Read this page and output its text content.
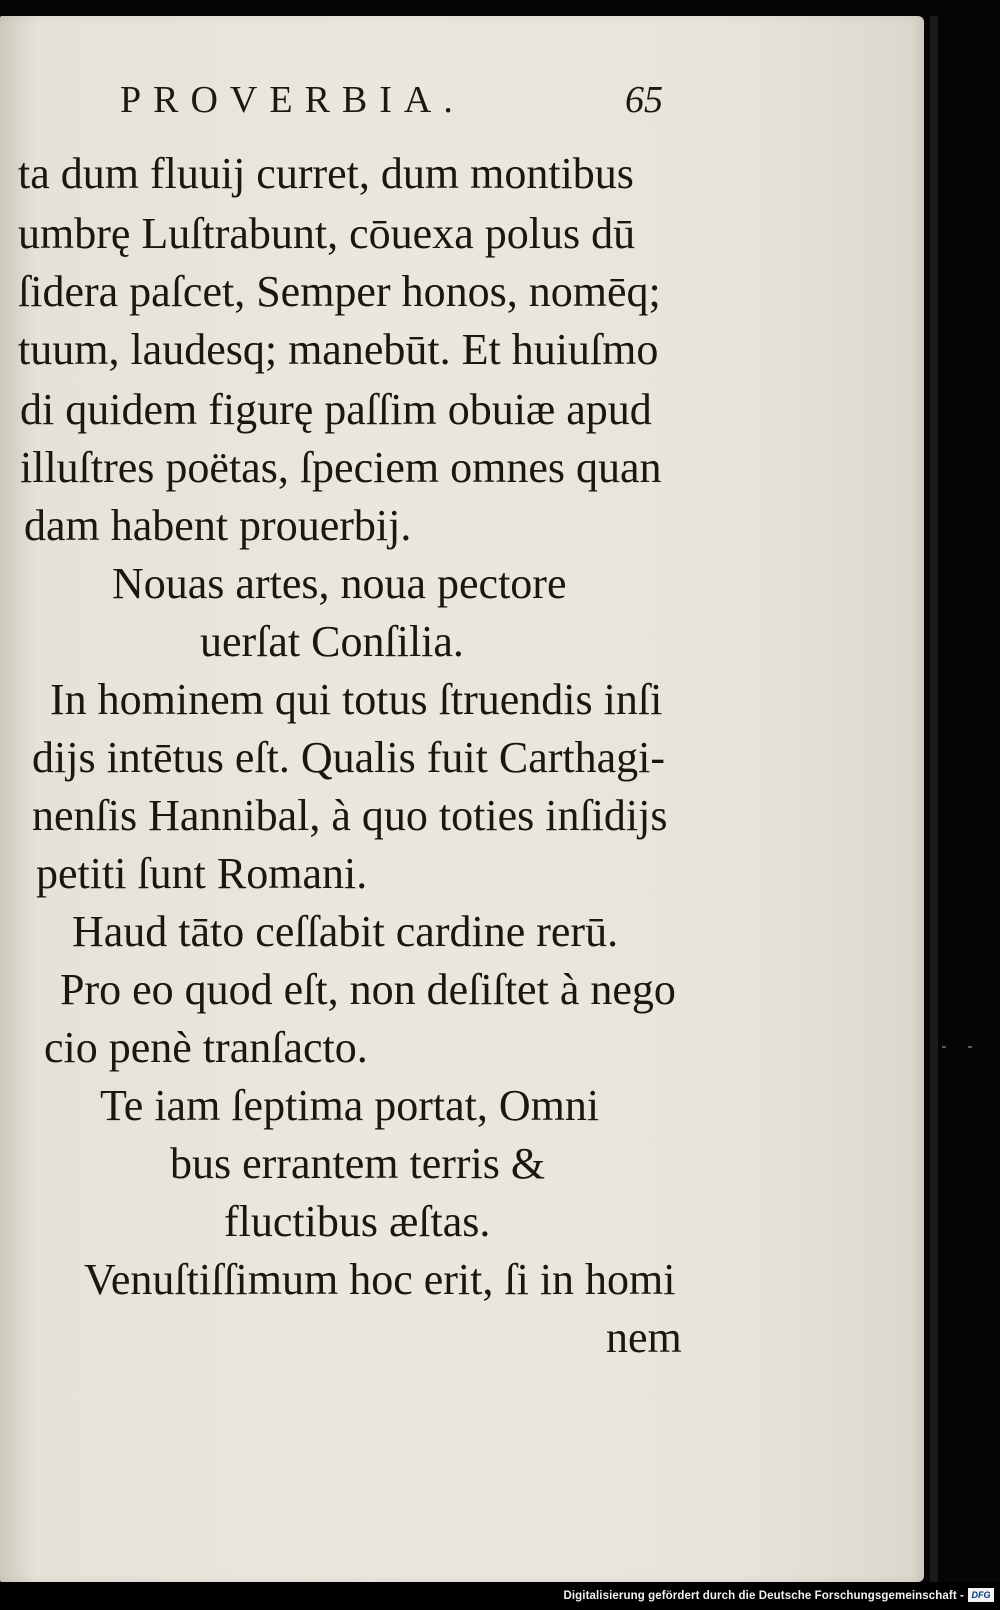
PROVERBIA.	65
ta dum fluuij curret, dum montibus
umbrę Luſtrabunt, cōuexa polus dū
ſidera paſcet, Semper honos, nomēq;
tuum, laudesq; manebūt. Et huiuſmo
di quidem figurę paſſim obuiæ apud
illuſtres poëtas, ſpeciem omnes quan
dam habent prouerbij.
Nouas artes, noua pectore
uerſat Conſilia.
In hominem qui totus ſtruendis inſi
dijs intētus eſt. Qualis fuit Carthagi-
nenſis Hannibal, à quo toties inſidijs
petiti ſunt Romani.
Haud tāto ceſſabit cardine rerū.
Pro eo quod eſt, non deſiſtet à nego
cio penè tranſacto.
Te iam ſeptima portat, Omni
bus errantem terris &
fluctibus æſtas.
Venuſtiſſimum hoc erit, ſi in homi
nem
Digitalisierung gefördert durch die Deutsche Forschungsgemeinschaft - DFG
